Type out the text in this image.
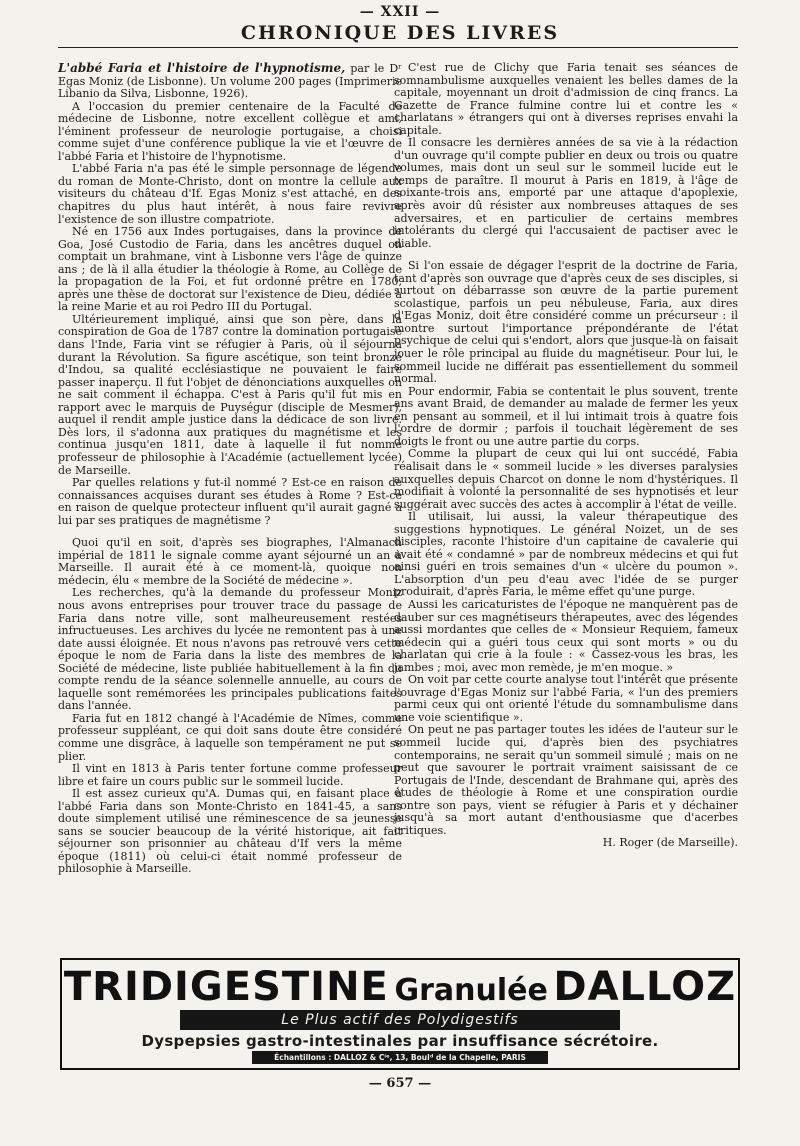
— XXII —
CHRONIQUE DES LIVRES

L'abbé Faria et l'histoire de l'hypnotisme, par le Dʳ Egas Moniz (de Lisbonne). Un volume 200 pages (Imprimerie Libanio da Silva, Lisbonne, 1926).

A l'occasion du premier centenaire de la Faculté de médecine de Lisbonne, notre excellent collègue et ami, l'éminent professeur de neurologie portugaise, a choisi comme sujet d'une conférence publique la vie et l'œuvre de l'abbé Faria et l'histoire de l'hypnotisme.

L'abbé Faria n'a pas été le simple personnage de légende du roman de Monte-Christo, dont on montre la cellule aux visiteurs du château d'If. Egas Moniz s'est attaché, en des chapitres du plus haut intérêt, à nous faire revivre l'existence de son illustre compatriote.

Né en 1756 aux Indes portugaises, dans la province de Goa, José Custodio de Faria, dans les ancêtres duquel on comptait un brahmane, vint à Lisbonne vers l'âge de quinze ans ; de là il alla étudier la théologie à Rome, au Collège de la propagation de la Foi, et fut ordonné prêtre en 1780, après une thèse de doctorat sur l'existence de Dieu, dédiée à la reine Marie et au roi Pedro III du Portugal.

Ultérieurement impliqué, ainsi que son père, dans la conspiration de Goa de 1787 contre la domination portugaise dans l'Inde, Faria vint se réfugier à Paris, où il séjourna durant la Révolution. Sa figure ascétique, son teint bronzé d'Indou, sa qualité ecclésiastique ne pouvaient le faire passer inaperçu. Il fut l'objet de dénonciations auxquelles on ne sait comment il échappa. C'est à Paris qu'il fut mis en rapport avec le marquis de Puységur (disciple de Mesmer), auquel il rendit ample justice dans la dédicace de son livre. Dès lors, il s'adonna aux pratiques du magnétisme et les continua jusqu'en 1811, date à laquelle il fut nommé professeur de philosophie à l'Académie (actuellement lycée) de Marseille.

Par quelles relations y fut-il nommé ? Est-ce en raison de connaissances acquises durant ses études à Rome ? Est-ce en raison de quelque protecteur influent qu'il aurait gagné à lui par ses pratiques de magnétisme ?

Quoi qu'il en soit, d'après ses biographes, l'Almanach impérial de 1811 le signale comme ayant séjourné un an à Marseille. Il aurait été à ce moment-là, quoique non médecin, élu « membre de la Société de médecine ».

Les recherches, qu'à la demande du professeur Moniz nous avons entreprises pour trouver trace du passage de Faria dans notre ville, sont malheureusement restées infructueuses. Les archives du lycée ne remontent pas à une date aussi éloignée. Et nous n'avons pas retrouvé vers cette époque le nom de Faria dans la liste des membres de la Société de médecine, liste publiée habituellement à la fin du compte rendu de la séance solennelle annuelle, au cours de laquelle sont remémorées les principales publications faites dans l'année.

Faria fut en 1812 changé à l'Académie de Nîmes, comme professeur suppléant, ce qui doit sans doute être considéré comme une disgrâce, à laquelle son tempérament ne put se plier.

Il vint en 1813 à Paris tenter fortune comme professeur libre et faire un cours public sur le sommeil lucide.

Il est assez curieux qu'A. Dumas qui, en faisant place à l'abbé Faria dans son Monte-Christo en 1841-45, a sans doute simplement utilisé une réminescence de sa jeunesse sans se soucier beaucoup de la vérité historique, ait fait séjourner son prisonnier au château d'If vers la même époque (1811) où celui-ci était nommé professeur de philosophie à Marseille.

C'est rue de Clichy que Faria tenait ses séances de somnambulisme auxquelles venaient les belles dames de la capitale, moyennant un droit d'admission de cinq francs. La Gazette de France fulmine contre lui et contre les « charlatans » étrangers qui ont à diverses reprises envahi la capitale.

Il consacre les dernières années de sa vie à la rédaction d'un ouvrage qu'il compte publier en deux ou trois ou quatre volumes, mais dont un seul sur le sommeil lucide eut le temps de paraître. Il mourut à Paris en 1819, à l'âge de soixante-trois ans, emporté par une attaque d'apoplexie, après avoir dû résister aux nombreuses attaques de ses adversaires, et en particulier de certains membres intolérants du clergé qui l'accusaient de pactiser avec le diable.

Si l'on essaie de dégager l'esprit de la doctrine de Faria, tant d'après son ouvrage que d'après ceux de ses disciples, si surtout on débarrasse son œuvre de la partie purement scolastique, parfois un peu nébuleuse, Faria, aux dires d'Egas Moniz, doit être considéré comme un précurseur : il montre surtout l'importance prépondérante de l'état psychique de celui qui s'endort, alors que jusque-là on faisait jouer le rôle principal au fluide du magnétiseur. Pour lui, le sommeil lucide ne différait pas essentiellement du sommeil normal.

Pour endormir, Fabia se contentait le plus souvent, trente ans avant Braid, de demander au malade de fermer les yeux en pensant au sommeil, et il lui intimait trois à quatre fois l'ordre de dormir ; parfois il touchait légèrement de ses doigts le front ou une autre partie du corps.

Comme la plupart de ceux qui lui ont succédé, Fabia réalisait dans le « sommeil lucide » les diverses paralysies auxquelles depuis Charcot on donne le nom d'hystériques. Il modifiait à volonté la personnalité de ses hypnotisés et leur suggérait avec succès des actes à accomplir à l'état de veille.

Il utilisait, lui aussi, la valeur thérapeutique des suggestions hypnotiques. Le général Noizet, un de ses disciples, raconte l'histoire d'un capitaine de cavalerie qui avait été « condamné » par de nombreux médecins et qui fut ainsi guéri en trois semaines d'un « ulcère du poumon ». L'absorption d'un peu d'eau avec l'idée de se purger produirait, d'après Faria, le même effet qu'une purge.

Aussi les caricaturistes de l'époque ne manquèrent pas de dauber sur ces magnétiseurs thérapeutes, avec des légendes aussi mordantes que celles de « Monsieur Requiem, fameux médecin qui a guéri tous ceux qui sont morts » ou du charlatan qui crie à la foule : « Cassez-vous les bras, les jambes ; moi, avec mon remède, je m'en moque. »

On voit par cette courte analyse tout l'intérêt que présente l'ouvrage d'Egas Moniz sur l'abbé Faria, « l'un des premiers parmi ceux qui ont orienté l'étude du somnambulisme dans une voie scientifique ».

On peut ne pas partager toutes les idées de l'auteur sur le sommeil lucide qui, d'après bien des psychiatres contemporains, ne serait qu'un sommeil simulé ; mais on ne peut que savourer le portrait vraiment saisissant de ce Portugais de l'Inde, descendant de Brahmane qui, après des études de théologie à Rome et une conspiration ourdie contre son pays, vient se réfugier à Paris et y déchainer jusqu'à sa mort autant d'enthousiasme que d'acerbes critiques.

H. Roger (de Marseille).

TRIDIGESTINE Granulée DALLOZ
Le Plus actif des Polydigestifs
Dyspepsies gastro-intestinales par insuffisance sécrétoire.
Échantillons : DALLOZ & Cⁱᵉ, 13, Boulᵈ de la Chapelle, PARIS
— 657 —
